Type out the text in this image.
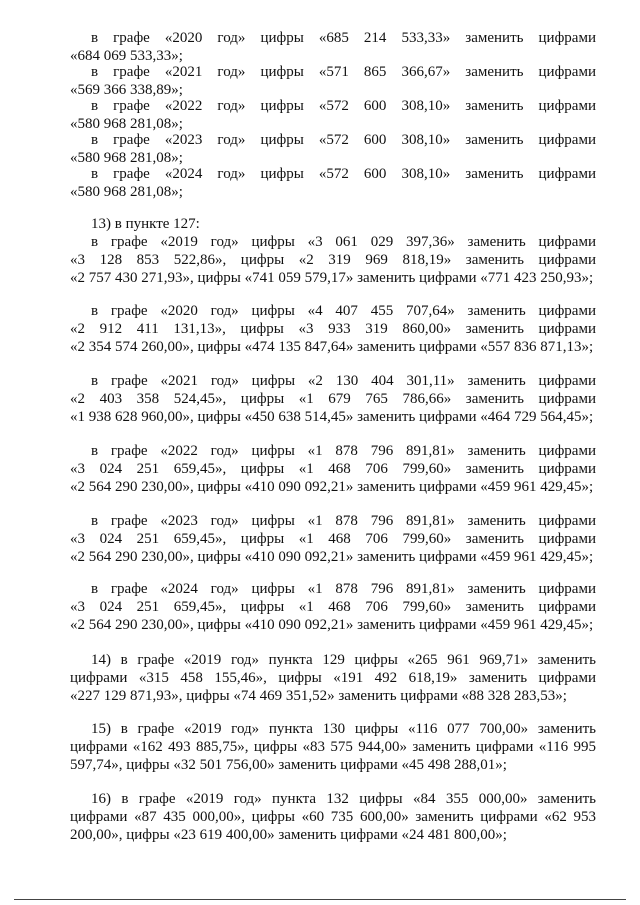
в графе «2020 год» цифры «685 214 533,33» заменить цифрами
«684 069 533,33»;
в графе «2021 год» цифры «571 865 366,67» заменить цифрами
«569 366 338,89»;
в графе «2022 год» цифры «572 600 308,10» заменить цифрами
«580 968 281,08»;
в графе «2023 год» цифры «572 600 308,10» заменить цифрами
«580 968 281,08»;
в графе «2024 год» цифры «572 600 308,10» заменить цифрами
«580 968 281,08»;
13) в пункте 127:
в графе «2019 год» цифры «3 061 029 397,36» заменить цифрами
«3 128 853 522,86», цифры «2 319 969 818,19» заменить цифрами
«2 757 430 271,93», цифры «741 059 579,17» заменить цифрами «771 423 250,93»;
в графе «2020 год» цифры «4 407 455 707,64» заменить цифрами
«2 912 411 131,13», цифры «3 933 319 860,00» заменить цифрами
«2 354 574 260,00», цифры «474 135 847,64» заменить цифрами «557 836 871,13»;
в графе «2021 год» цифры «2 130 404 301,11» заменить цифрами
«2 403 358 524,45», цифры «1 679 765 786,66» заменить цифрами
«1 938 628 960,00», цифры «450 638 514,45» заменить цифрами «464 729 564,45»;
в графе «2022 год» цифры «1 878 796 891,81» заменить цифрами
«3 024 251 659,45», цифры «1 468 706 799,60» заменить цифрами
«2 564 290 230,00», цифры «410 090 092,21» заменить цифрами «459 961 429,45»;
в графе «2023 год» цифры «1 878 796 891,81» заменить цифрами
«3 024 251 659,45», цифры «1 468 706 799,60» заменить цифрами
«2 564 290 230,00», цифры «410 090 092,21» заменить цифрами «459 961 429,45»;
в графе «2024 год» цифры «1 878 796 891,81» заменить цифрами
«3 024 251 659,45», цифры «1 468 706 799,60» заменить цифрами
«2 564 290 230,00», цифры «410 090 092,21» заменить цифрами «459 961 429,45»;
14) в графе «2019 год» пункта 129 цифры «265 961 969,71» заменить
цифрами «315 458 155,46», цифры «191 492 618,19» заменить цифрами
«227 129 871,93», цифры «74 469 351,52» заменить цифрами «88 328 283,53»;
15) в графе «2019 год» пункта 130 цифры «116 077 700,00» заменить
цифрами «162 493 885,75», цифры «83 575 944,00» заменить цифрами «116 995
597,74», цифры «32 501 756,00» заменить цифрами «45 498 288,01»;
16) в графе «2019 год» пункта 132 цифры «84 355 000,00» заменить
цифрами «87 435 000,00», цифры «60 735 600,00» заменить цифрами «62 953
200,00», цифры «23 619 400,00» заменить цифрами «24 481 800,00»;
